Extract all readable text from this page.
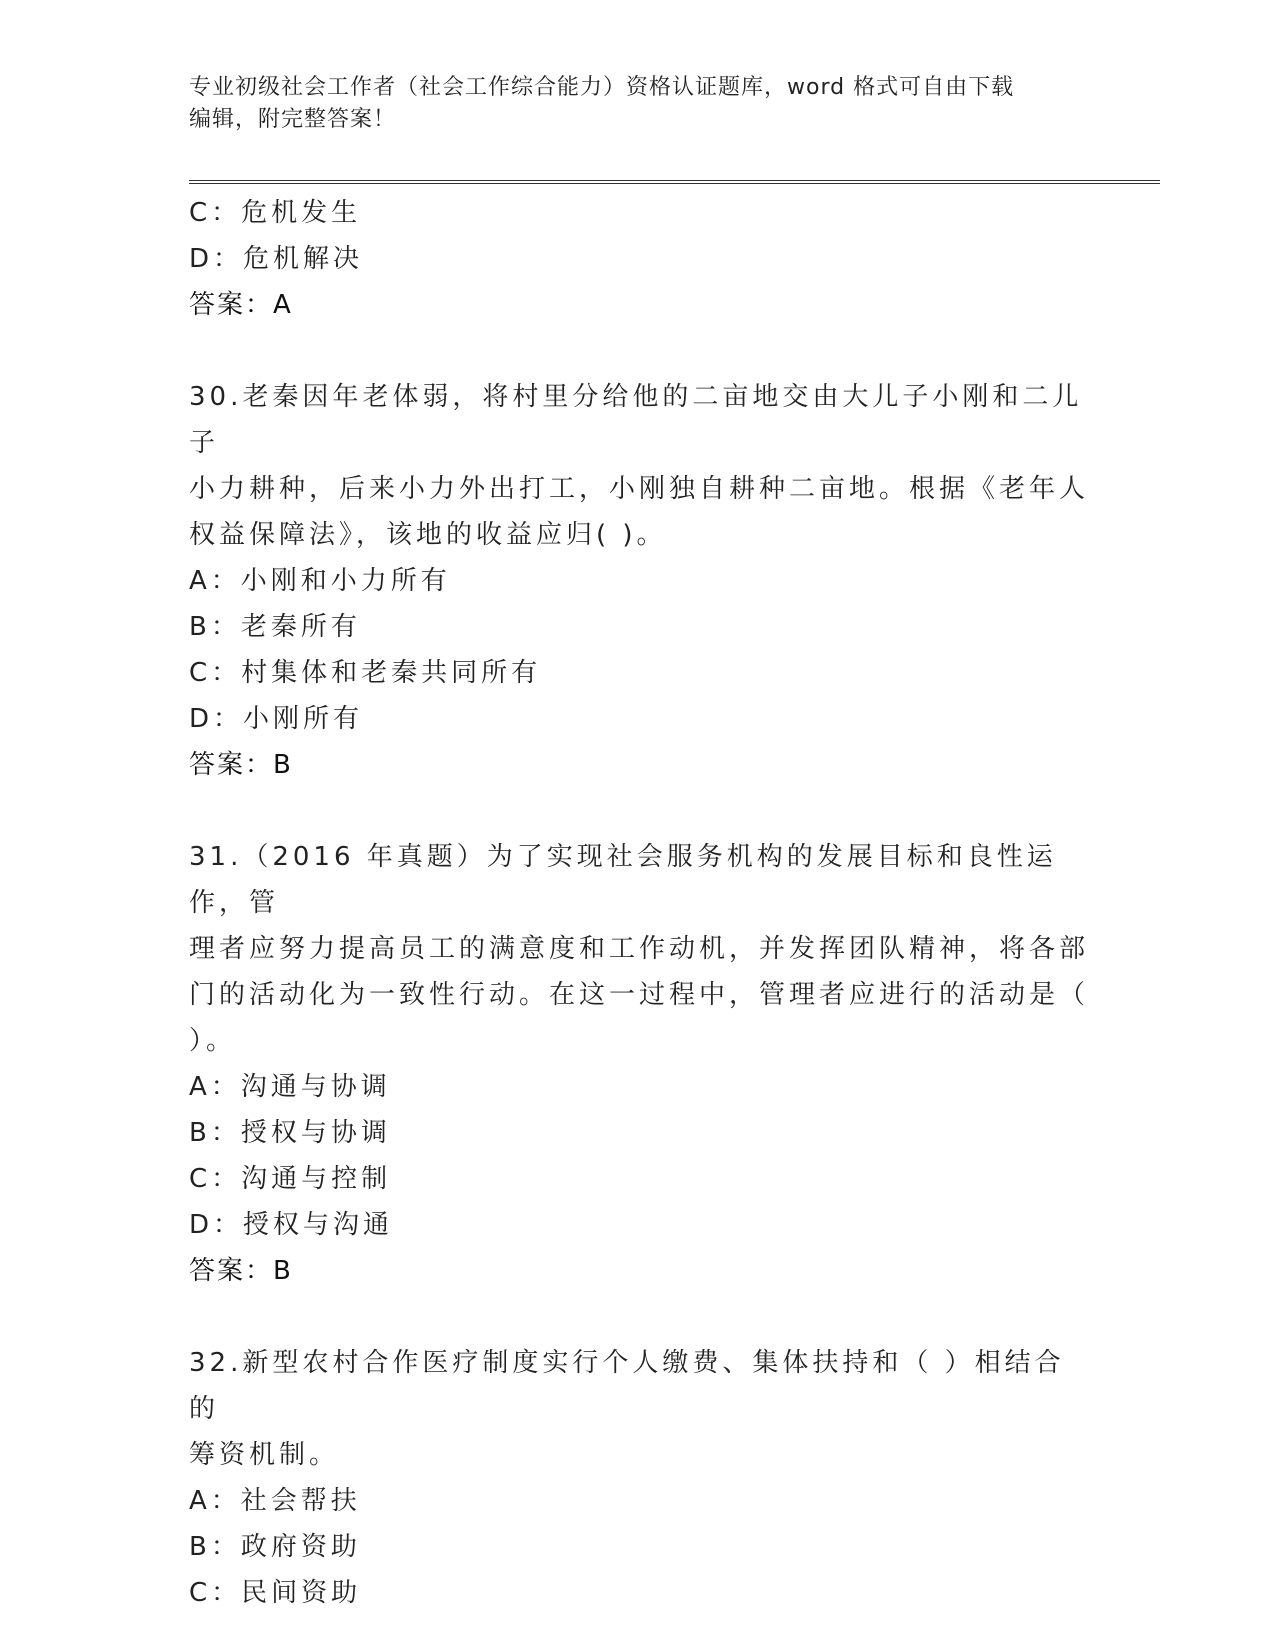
专业初级社会工作者（社会工作综合能力）资格认证题库，word 格式可自由下载
编辑，附完整答案！
C：危机发生
D：危机解决
答案：A
30.老秦因年老体弱，将村里分给他的二亩地交由大儿子小刚和二儿子
小力耕种，后来小力外出打工，小刚独自耕种二亩地。根据《老年人
权益保障法》，该地的收益应归( )。
A：小刚和小力所有
B：老秦所有
C：村集体和老秦共同所有
D：小刚所有
答案：B
31.（2016 年真题）为了实现社会服务机构的发展目标和良性运作，管
理者应努力提高员工的满意度和工作动机，并发挥团队精神，将各部
门的活动化为一致性行动。在这一过程中，管理者应进行的活动是（
）。
A：沟通与协调
B：授权与协调
C：沟通与控制
D：授权与沟通
答案：B
32.新型农村合作医疗制度实行个人缴费、集体扶持和（ ）相结合的
筹资机制。
A：社会帮扶
B：政府资助
C：民间资助
